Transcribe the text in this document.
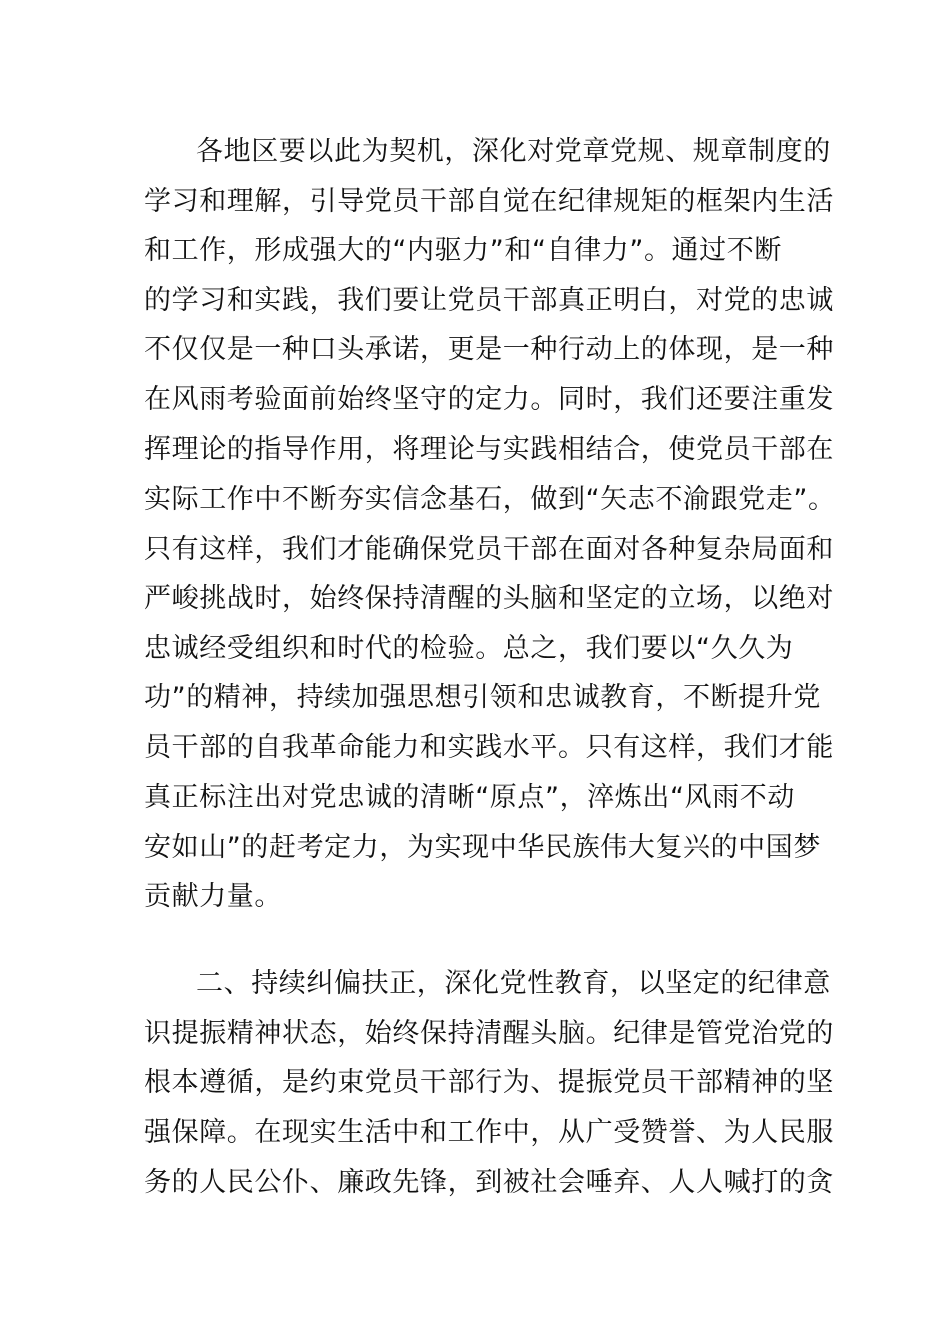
各地区要以此为契机，深化对党章党规、规章制度的
学习和理解，引导党员干部自觉在纪律规矩的框架内生活
和工作，形成强大的“内驱力”和“自律力”。通过不断
的学习和实践，我们要让党员干部真正明白，对党的忠诚
不仅仅是一种口头承诺，更是一种行动上的体现，是一种
在风雨考验面前始终坚守的定力。同时，我们还要注重发
挥理论的指导作用，将理论与实践相结合，使党员干部在
实际工作中不断夯实信念基石，做到“矢志不渝跟党走”。
只有这样，我们才能确保党员干部在面对各种复杂局面和
严峻挑战时，始终保持清醒的头脑和坚定的立场，以绝对
忠诚经受组织和时代的检验。总之，我们要以“久久为
功”的精神，持续加强思想引领和忠诚教育，不断提升党
员干部的自我革命能力和实践水平。只有这样，我们才能
真正标注出对党忠诚的清晰“原点”，淬炼出“风雨不动
安如山”的赶考定力，为实现中华民族伟大复兴的中国梦
贡献力量。
二、持续纠偏扶正，深化党性教育，以坚定的纪律意
识提振精神状态，始终保持清醒头脑。纪律是管党治党的
根本遵循，是约束党员干部行为、提振党员干部精神的坚
强保障。在现实生活中和工作中，从广受赞誉、为人民服
务的人民公仆、廉政先锋，到被社会唾弃、人人喊打的贪
